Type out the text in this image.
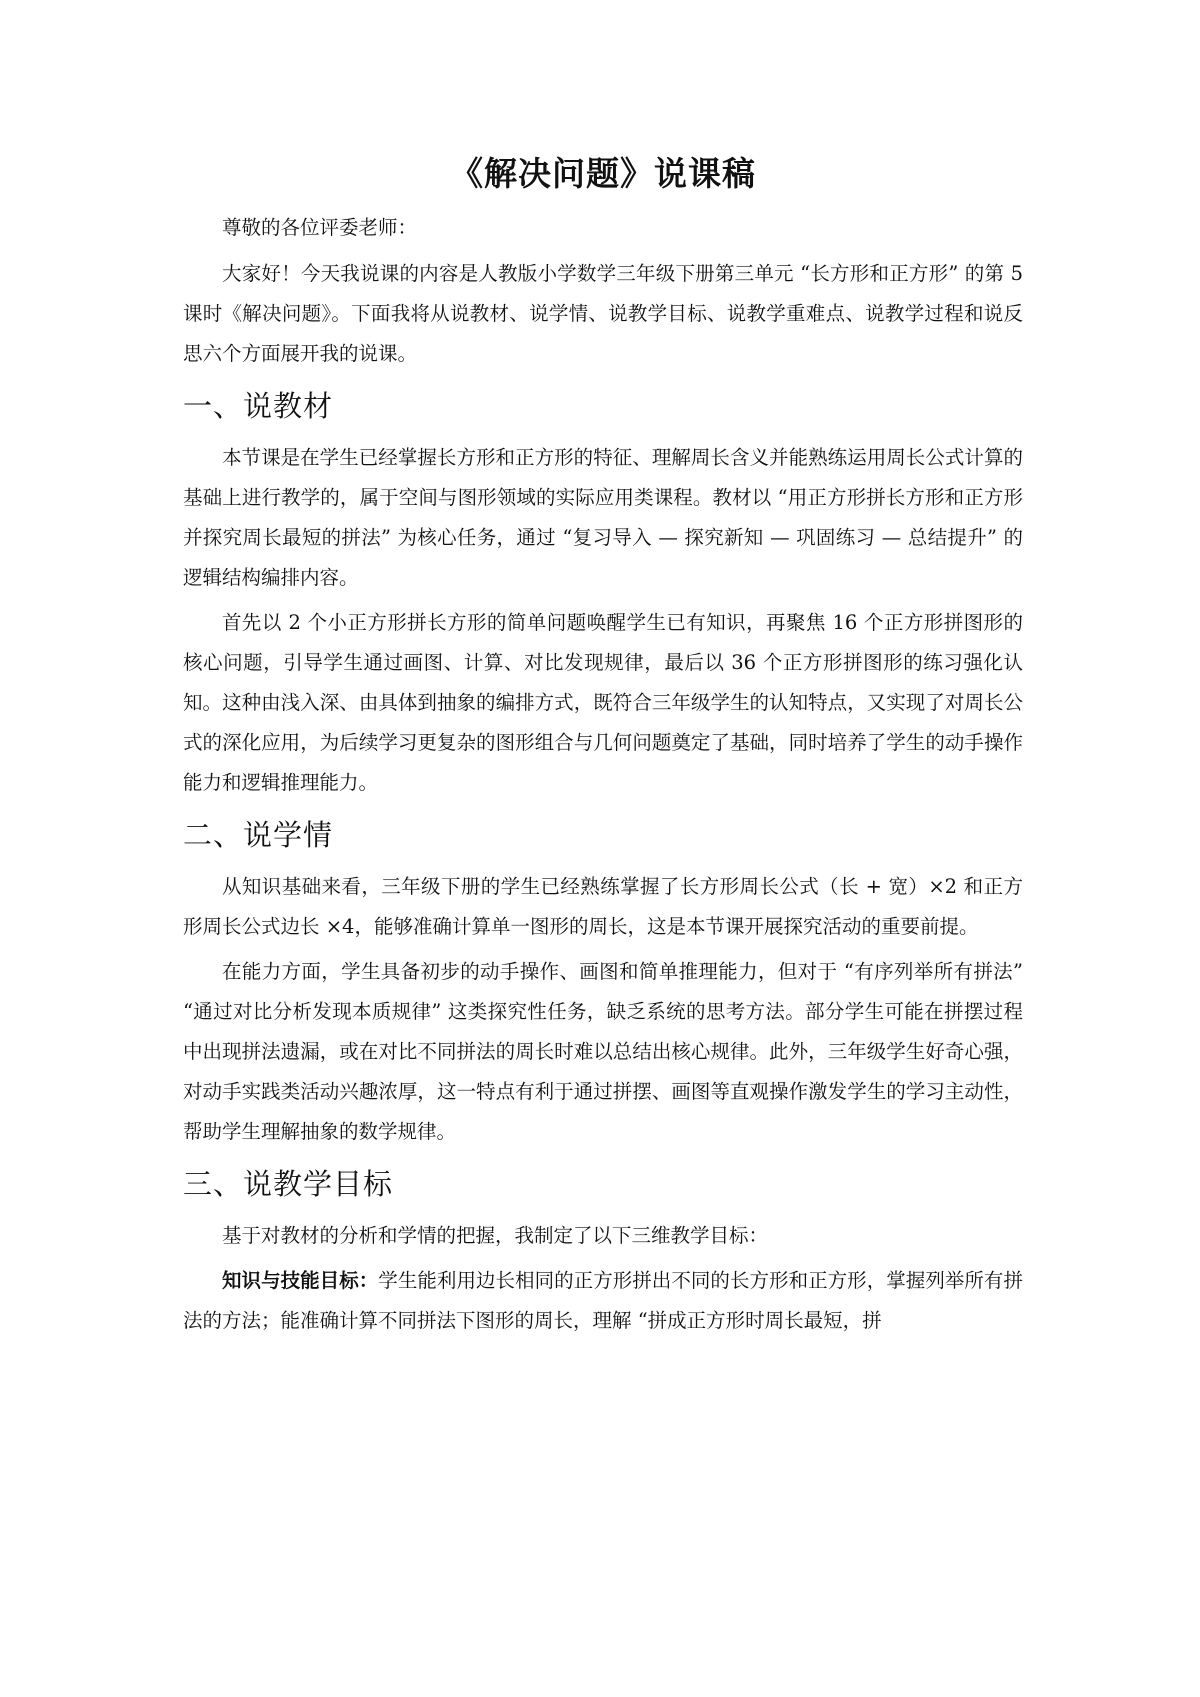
《解决问题》说课稿

尊敬的各位评委老师：

大家好！今天我说课的内容是人教版小学数学三年级下册第三单元 “长方形和正方形” 的第 5 课时《解决问题》。下面我将从说教材、说学情、说教学目标、说教学重难点、说教学过程和说反思六个方面展开我的说课。

一、说教材

本节课是在学生已经掌握长方形和正方形的特征、理解周长含义并能熟练运用周长公式计算的基础上进行教学的，属于空间与图形领域的实际应用类课程。教材以 “用正方形拼长方形和正方形并探究周长最短的拼法” 为核心任务，通过 “复习导入 — 探究新知 — 巩固练习 — 总结提升” 的逻辑结构编排内容。

首先以 2 个小正方形拼长方形的简单问题唤醒学生已有知识，再聚焦 16 个正方形拼图形的核心问题，引导学生通过画图、计算、对比发现规律，最后以 36 个正方形拼图形的练习强化认知。这种由浅入深、由具体到抽象的编排方式，既符合三年级学生的认知特点，又实现了对周长公式的深化应用，为后续学习更复杂的图形组合与几何问题奠定了基础，同时培养了学生的动手操作能力和逻辑推理能力。

二、说学情

从知识基础来看，三年级下册的学生已经熟练掌握了长方形周长公式（长 + 宽）×2 和正方形周长公式边长 ×4，能够准确计算单一图形的周长，这是本节课开展探究活动的重要前提。

在能力方面，学生具备初步的动手操作、画图和简单推理能力，但对于 “有序列举所有拼法” “通过对比分析发现本质规律” 这类探究性任务，缺乏系统的思考方法。部分学生可能在拼摆过程中出现拼法遗漏，或在对比不同拼法的周长时难以总结出核心规律。此外，三年级学生好奇心强，对动手实践类活动兴趣浓厚，这一特点有利于通过拼摆、画图等直观操作激发学生的学习主动性，帮助学生理解抽象的数学规律。

三、说教学目标

基于对教材的分析和学情的把握，我制定了以下三维教学目标：

知识与技能目标：学生能利用边长相同的正方形拼出不同的长方形和正方形，掌握列举所有拼法的方法；能准确计算不同拼法下图形的周长，理解 “拼成正方形时周长最短，拼
